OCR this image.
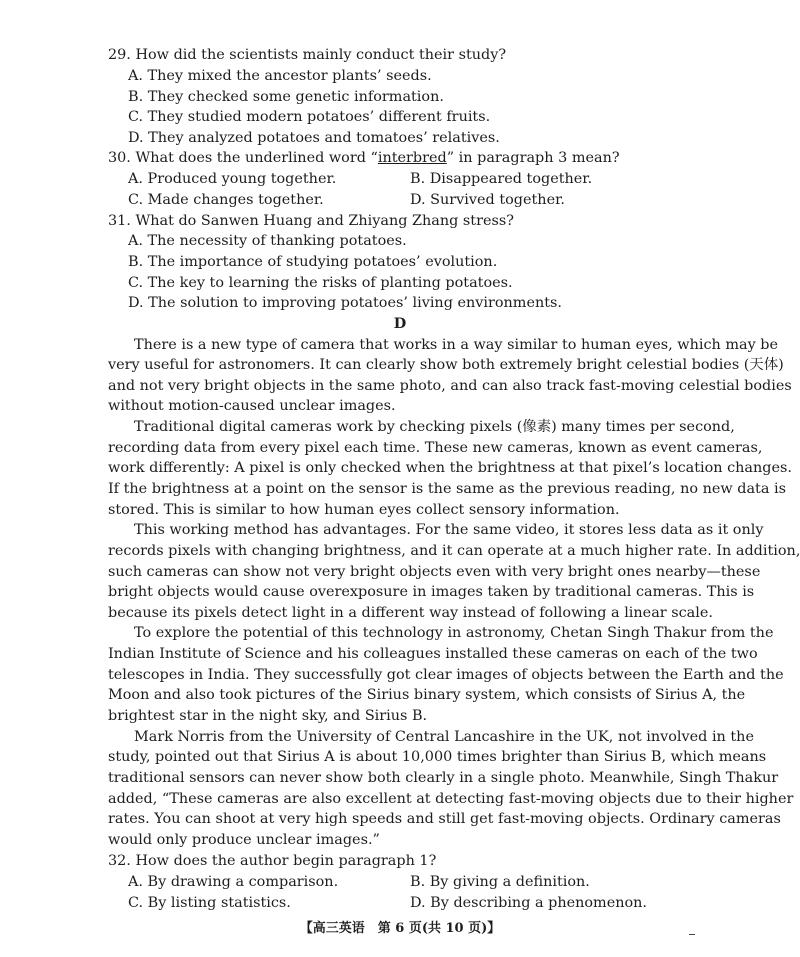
29. How did the scientists mainly conduct their study?
A. They mixed the ancestor plants’ seeds.
B. They checked some genetic information.
C. They studied modern potatoes’ different fruits.
D. They analyzed potatoes and tomatoes’ relatives.
30. What does the underlined word “interbred” in paragraph 3 mean?
A. Produced young together.	B. Disappeared together.
C. Made changes together.	D. Survived together.
31. What do Sanwen Huang and Zhiyang Zhang stress?
A. The necessity of thanking potatoes.
B. The importance of studying potatoes’ evolution.
C. The key to learning the risks of planting potatoes.
D. The solution to improving potatoes’ living environments.
D
There is a new type of camera that works in a way similar to human eyes, which may be
very useful for astronomers. It can clearly show both extremely bright celestial bodies (天体)
and not very bright objects in the same photo, and can also track fast-moving celestial bodies
without motion-caused unclear images.
Traditional digital cameras work by checking pixels (像素) many times per second,
recording data from every pixel each time. These new cameras, known as event cameras,
work differently: A pixel is only checked when the brightness at that pixel’s location changes.
If the brightness at a point on the sensor is the same as the previous reading, no new data is
stored. This is similar to how human eyes collect sensory information.
This working method has advantages. For the same video, it stores less data as it only
records pixels with changing brightness, and it can operate at a much higher rate. In addition,
such cameras can show not very bright objects even with very bright ones nearby—these
bright objects would cause overexposure in images taken by traditional cameras. This is
because its pixels detect light in a different way instead of following a linear scale.
To explore the potential of this technology in astronomy, Chetan Singh Thakur from the
Indian Institute of Science and his colleagues installed these cameras on each of the two
telescopes in India. They successfully got clear images of objects between the Earth and the
Moon and also took pictures of the Sirius binary system, which consists of Sirius A, the
brightest star in the night sky, and Sirius B.
Mark Norris from the University of Central Lancashire in the UK, not involved in the
study, pointed out that Sirius A is about 10,000 times brighter than Sirius B, which means
traditional sensors can never show both clearly in a single photo. Meanwhile, Singh Thakur
added, “These cameras are also excellent at detecting fast-moving objects due to their higher
rates. You can shoot at very high speeds and still get fast-moving objects. Ordinary cameras
would only produce unclear images.”
32. How does the author begin paragraph 1?
A. By drawing a comparison.	B. By giving a definition.
C. By listing statistics.	D. By describing a phenomenon.
【高三英语　第 6 页(共 10 页)】
